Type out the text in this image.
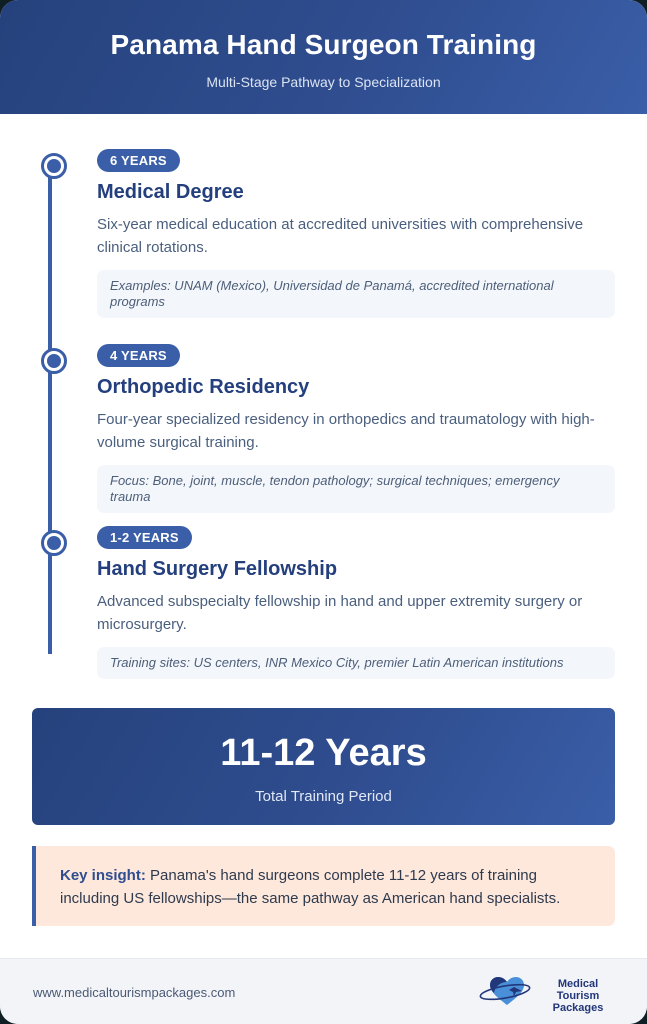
Panama Hand Surgeon Training
Multi-Stage Pathway to Specialization
6 YEARS
Medical Degree
Six-year medical education at accredited universities with comprehensive clinical rotations.
Examples: UNAM (Mexico), Universidad de Panamá, accredited international programs
4 YEARS
Orthopedic Residency
Four-year specialized residency in orthopedics and traumatology with high-volume surgical training.
Focus: Bone, joint, muscle, tendon pathology; surgical techniques; emergency trauma
1-2 YEARS
Hand Surgery Fellowship
Advanced subspecialty fellowship in hand and upper extremity surgery or microsurgery.
Training sites: US centers, INR Mexico City, premier Latin American institutions
11-12 Years
Total Training Period
Key insight: Panama's hand surgeons complete 11-12 years of training including US fellowships—the same pathway as American hand specialists.
www.medicaltourismpackages.com
Medical Tourism
Packages
